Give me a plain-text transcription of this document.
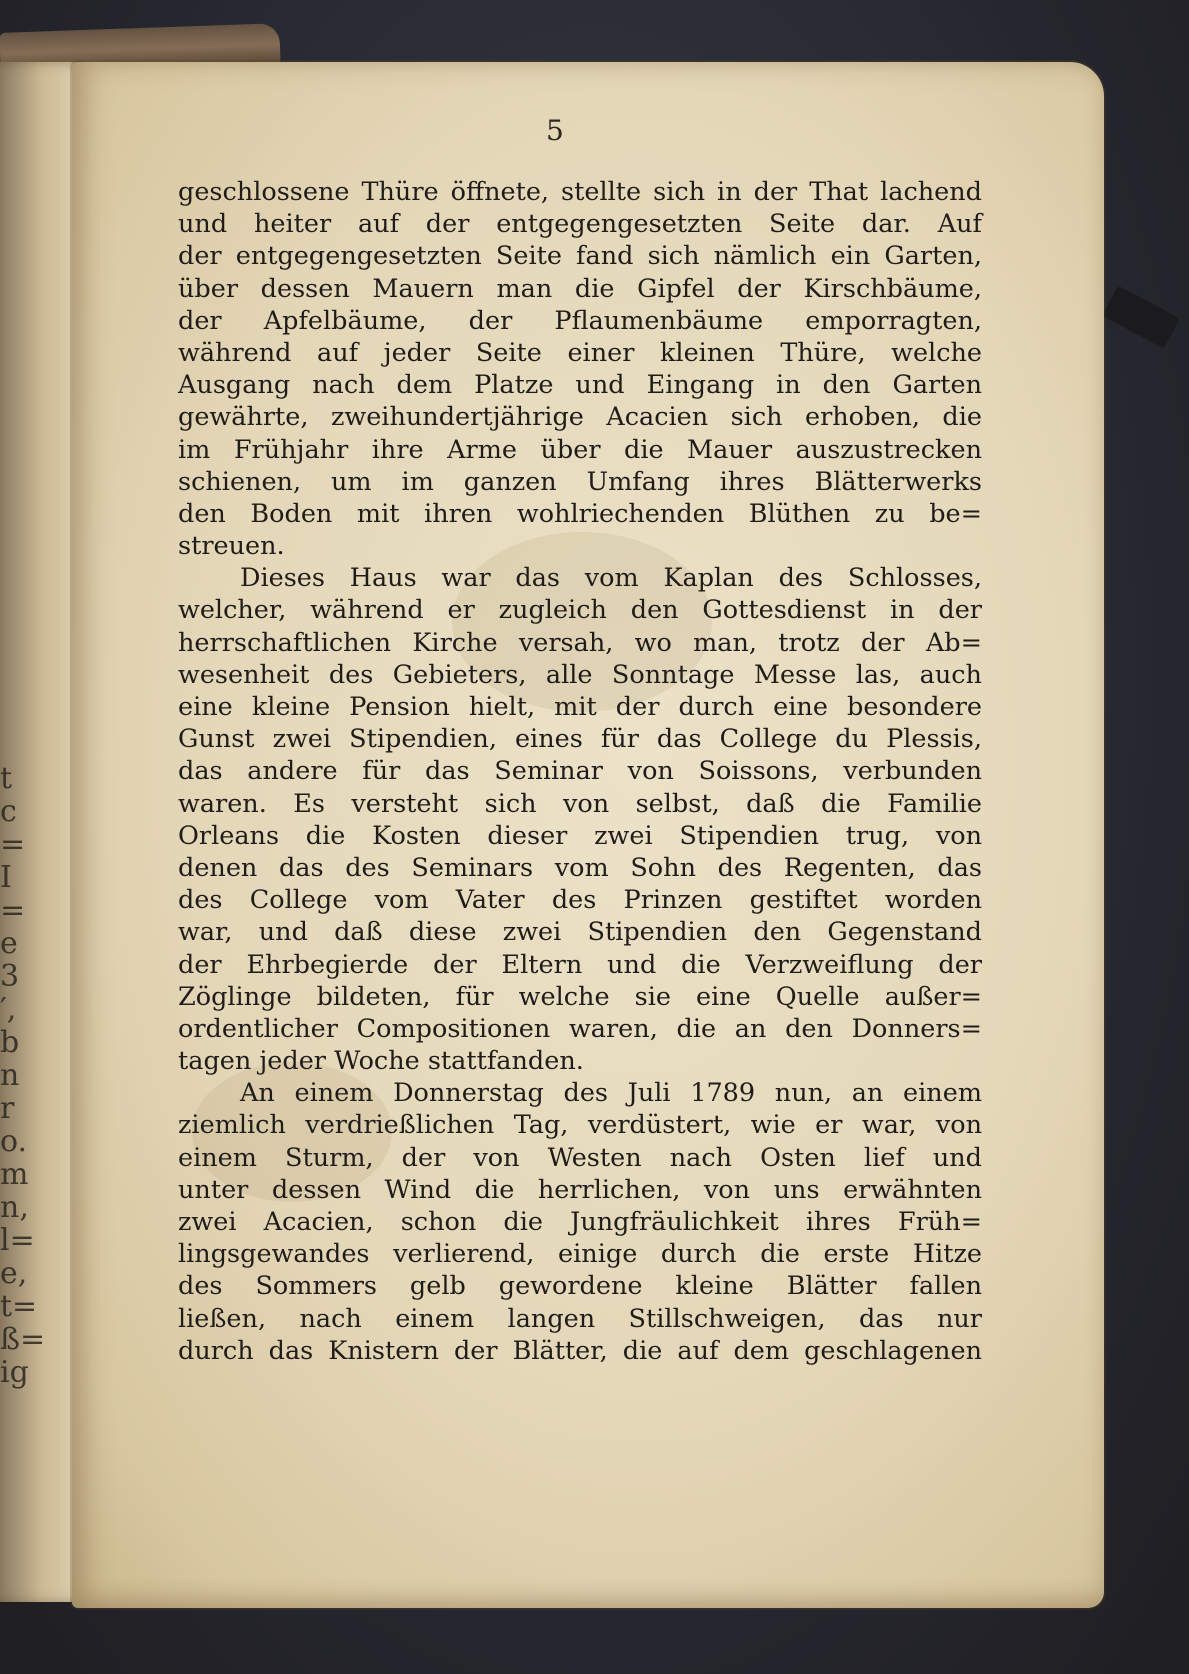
t
c
=
I
=
e
3
′,
b
n
r
o.
m
n,
l=
e,
t=
ß=
ig
5
geschlossene Thüre öffnete, stellte sich in der That lachend
und heiter auf der entgegengesetzten Seite dar. Auf
der entgegengesetzten Seite fand sich nämlich ein Garten,
über dessen Mauern man die Gipfel der Kirschbäume,
der Apfelbäume, der Pflaumenbäume emporragten,
während auf jeder Seite einer kleinen Thüre, welche
Ausgang nach dem Platze und Eingang in den Garten
gewährte, zweihundertjährige Acacien sich erhoben, die
im Frühjahr ihre Arme über die Mauer auszustrecken
schienen, um im ganzen Umfang ihres Blätterwerks
den Boden mit ihren wohlriechenden Blüthen zu be=
streuen.
Dieses Haus war das vom Kaplan des Schlosses,
welcher, während er zugleich den Gottesdienst in der
herrschaftlichen Kirche versah, wo man, trotz der Ab=
wesenheit des Gebieters, alle Sonntage Messe las, auch
eine kleine Pension hielt, mit der durch eine besondere
Gunst zwei Stipendien, eines für das College du Plessis,
das andere für das Seminar von Soissons, verbunden
waren. Es versteht sich von selbst, daß die Familie
Orleans die Kosten dieser zwei Stipendien trug, von
denen das des Seminars vom Sohn des Regenten, das
des College vom Vater des Prinzen gestiftet worden
war, und daß diese zwei Stipendien den Gegenstand
der Ehrbegierde der Eltern und die Verzweiflung der
Zöglinge bildeten, für welche sie eine Quelle außer=
ordentlicher Compositionen waren, die an den Donners=
tagen jeder Woche stattfanden.
An einem Donnerstag des Juli 1789 nun, an einem
ziemlich verdrießlichen Tag, verdüstert, wie er war, von
einem Sturm, der von Westen nach Osten lief und
unter dessen Wind die herrlichen, von uns erwähnten
zwei Acacien, schon die Jungfräulichkeit ihres Früh=
lingsgewandes verlierend, einige durch die erste Hitze
des Sommers gelb gewordene kleine Blätter fallen
ließen, nach einem langen Stillschweigen, das nur
durch das Knistern der Blätter, die auf dem geschlagenen
